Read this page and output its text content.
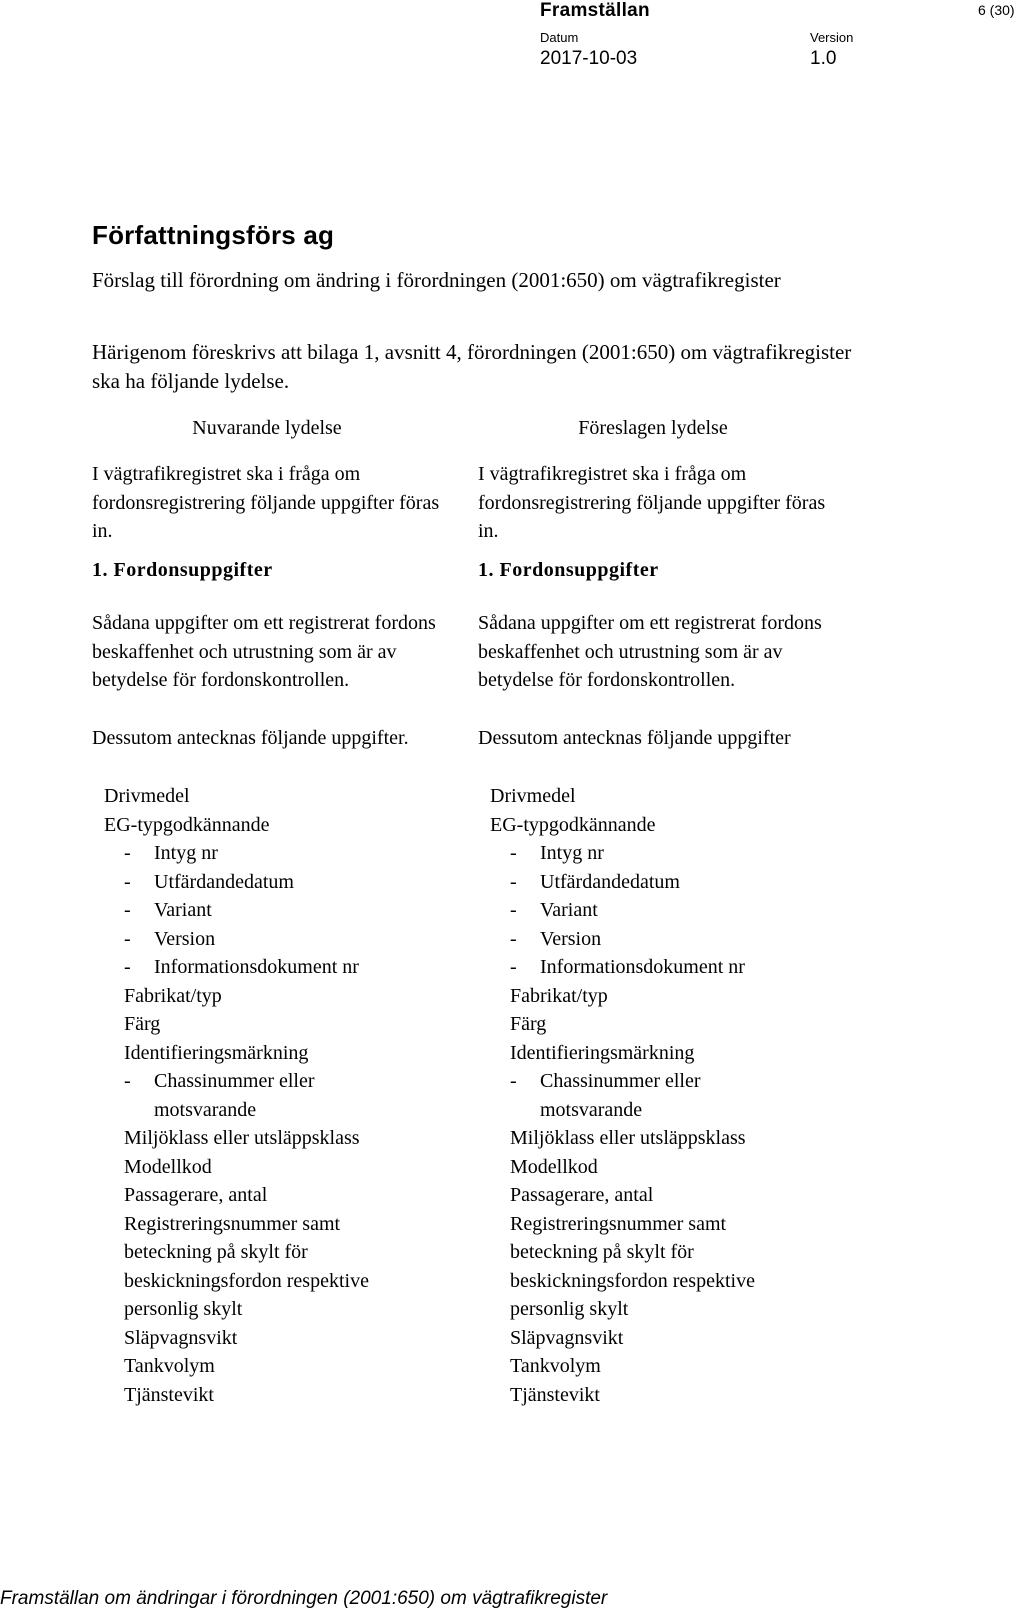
Framställan
Datum
2017-10-03
Version
1.0
6 (30)
Författningsförs ag
Förslag till förordning om ändring i förordningen (2001:650) om vägtrafikregister
Härigenom föreskrivs att bilaga 1, avsnitt 4, förordningen (2001:650) om vägtrafikregister ska ha följande lydelse.

Nuvarande lydelse

I vägtrafikregistret ska i fråga om fordonsregistrering följande uppgifter föras in.

1. Fordonsuppgifter

Sådana uppgifter om ett registrerat fordons beskaffenhet och utrustning som är av betydelse för fordonskontrollen.

Dessutom antecknas följande uppgifter.

Drivmedel

EG-typgodkännande

- Intyg nr

- Utfärdandedatum

- Variant

- Version

- Informationsdokument nr

Fabrikat/typ

Färg

Identifieringsmärkning

- Chassinummer eller

motsvarande

Miljöklass eller utsläppsklass

Modellkod

Passagerare, antal

Registreringsnummer samt

beteckning på skylt för

beskickningsfordon respektive

personlig skylt

Släpvagnsvikt

Tankvolym

Tjänstevikt

Föreslagen lydelse

I vägtrafikregistret ska i fråga om fordonsregistrering följande uppgifter föras in.

1. Fordonsuppgifter

Sådana uppgifter om ett registrerat fordons beskaffenhet och utrustning som är av betydelse för fordonskontrollen.

Dessutom antecknas följande uppgifter

Drivmedel

EG-typgodkännande

- Intyg nr

- Utfärdandedatum

- Variant

- Version

- Informationsdokument nr

Fabrikat/typ

Färg

Identifieringsmärkning

- Chassinummer eller

motsvarande

Miljöklass eller utsläppsklass

Modellkod

Passagerare, antal

Registreringsnummer samt

beteckning på skylt för

beskickningsfordon respektive

personlig skylt

Släpvagnsvikt

Tankvolym

Tjänstevikt

Framställan om ändringar i förordningen (2001:650) om vägtrafikregister
